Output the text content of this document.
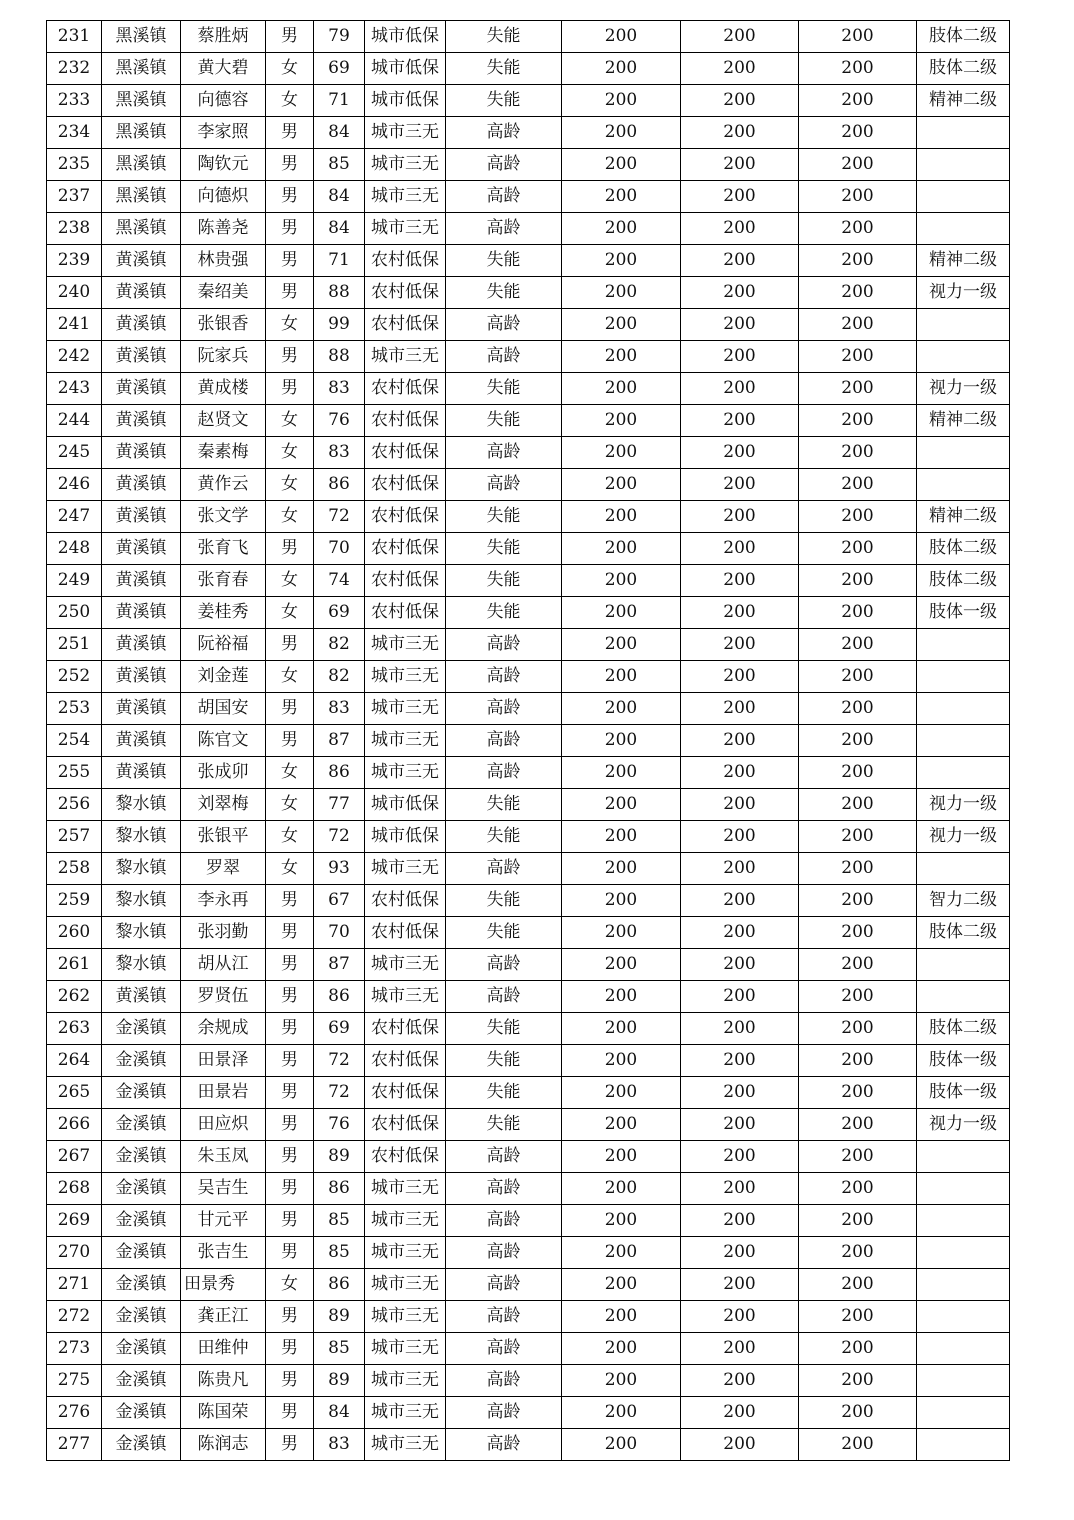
231	黑溪镇	蔡胜炳	男	79	城市低保	失能	200	200	200	肢体二级
232	黑溪镇	黄大碧	女	69	城市低保	失能	200	200	200	肢体二级
233	黑溪镇	向德容	女	71	城市低保	失能	200	200	200	精神二级
234	黑溪镇	李家照	男	84	城市三无	高龄	200	200	200	
235	黑溪镇	陶钦元	男	85	城市三无	高龄	200	200	200	
237	黑溪镇	向德炽	男	84	城市三无	高龄	200	200	200	
238	黑溪镇	陈善尧	男	84	城市三无	高龄	200	200	200	
239	黄溪镇	林贵强	男	71	农村低保	失能	200	200	200	精神二级
240	黄溪镇	秦绍美	男	88	农村低保	失能	200	200	200	视力一级
241	黄溪镇	张银香	女	99	农村低保	高龄	200	200	200	
242	黄溪镇	阮家兵	男	88	城市三无	高龄	200	200	200	
243	黄溪镇	黄成楼	男	83	农村低保	失能	200	200	200	视力一级
244	黄溪镇	赵贤文	女	76	农村低保	失能	200	200	200	精神二级
245	黄溪镇	秦素梅	女	83	农村低保	高龄	200	200	200	
246	黄溪镇	黄作云	女	86	农村低保	高龄	200	200	200	
247	黄溪镇	张文学	女	72	农村低保	失能	200	200	200	精神二级
248	黄溪镇	张育飞	男	70	农村低保	失能	200	200	200	肢体二级
249	黄溪镇	张育春	女	74	农村低保	失能	200	200	200	肢体二级
250	黄溪镇	姜桂秀	女	69	农村低保	失能	200	200	200	肢体一级
251	黄溪镇	阮裕福	男	82	城市三无	高龄	200	200	200	
252	黄溪镇	刘金莲	女	82	城市三无	高龄	200	200	200	
253	黄溪镇	胡国安	男	83	城市三无	高龄	200	200	200	
254	黄溪镇	陈官文	男	87	城市三无	高龄	200	200	200	
255	黄溪镇	张成卯	女	86	城市三无	高龄	200	200	200	
256	黎水镇	刘翠梅	女	77	城市低保	失能	200	200	200	视力一级
257	黎水镇	张银平	女	72	城市低保	失能	200	200	200	视力一级
258	黎水镇	罗翠	女	93	城市三无	高龄	200	200	200	
259	黎水镇	李永再	男	67	农村低保	失能	200	200	200	智力二级
260	黎水镇	张羽勤	男	70	农村低保	失能	200	200	200	肢体二级
261	黎水镇	胡从江	男	87	城市三无	高龄	200	200	200	
262	黄溪镇	罗贤伍	男	86	城市三无	高龄	200	200	200	
263	金溪镇	余规成	男	69	农村低保	失能	200	200	200	肢体二级
264	金溪镇	田景泽	男	72	农村低保	失能	200	200	200	肢体一级
265	金溪镇	田景岩	男	72	农村低保	失能	200	200	200	肢体一级
266	金溪镇	田应炽	男	76	农村低保	失能	200	200	200	视力一级
267	金溪镇	朱玉凤	男	89	农村低保	高龄	200	200	200	
268	金溪镇	吴吉生	男	86	城市三无	高龄	200	200	200	
269	金溪镇	甘元平	男	85	城市三无	高龄	200	200	200	
270	金溪镇	张吉生	男	85	城市三无	高龄	200	200	200	
271	金溪镇	田景秀	女	86	城市三无	高龄	200	200	200	
272	金溪镇	龚正江	男	89	城市三无	高龄	200	200	200	
273	金溪镇	田维仲	男	85	城市三无	高龄	200	200	200	
275	金溪镇	陈贵凡	男	89	城市三无	高龄	200	200	200	
276	金溪镇	陈国荣	男	84	城市三无	高龄	200	200	200	
277	金溪镇	陈润志	男	83	城市三无	高龄	200	200	200	
